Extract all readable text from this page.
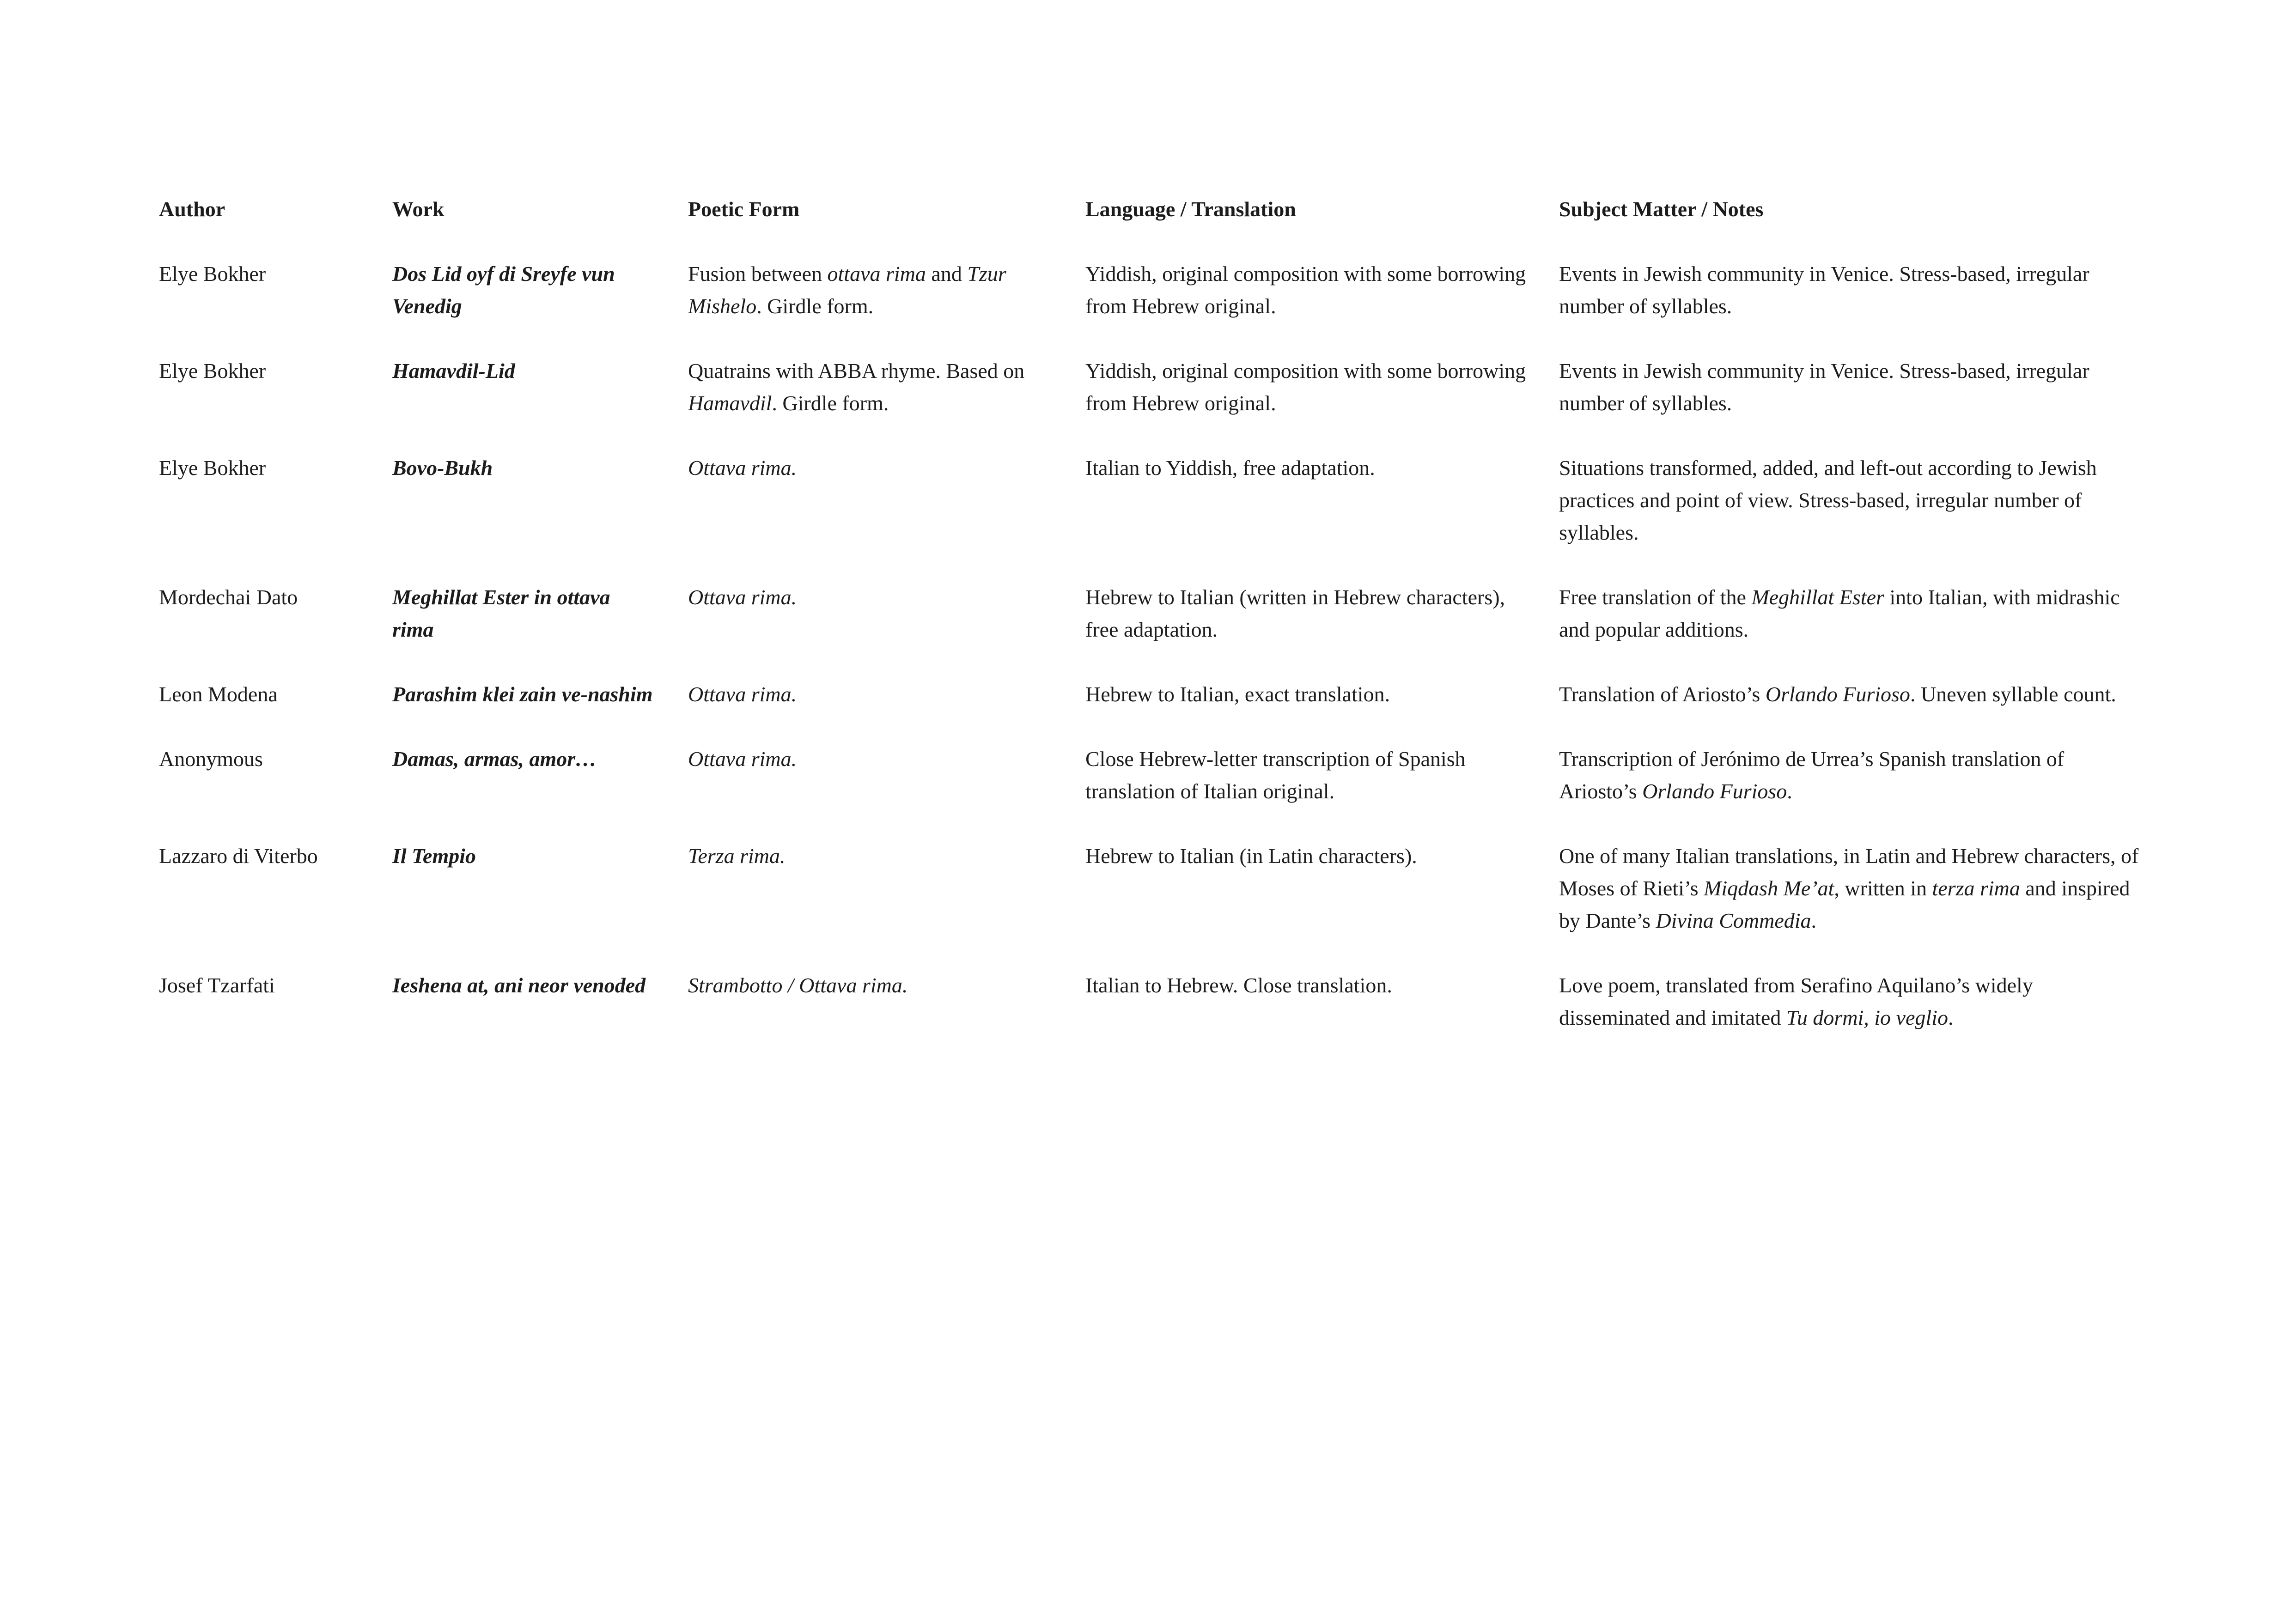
Author	Work	Poetic Form	Language / Translation	Subject Matter / Notes
Elye Bokher	Dos Lid oyf di Sreyfe vun Venedig	Fusion between ottava rima and Tzur Mishelo. Girdle form.	Yiddish, original composition with some borrowing from Hebrew original.	Events in Jewish community in Venice. Stress-based, irregular number of syllables.
Elye Bokher	Hamavdil-Lid	Quatrains with ABBA rhyme. Based on Hamavdil. Girdle form.	Yiddish, original composition with some borrowing from Hebrew original.	Events in Jewish community in Venice. Stress-based, irregular number of syllables.
Elye Bokher	Bovo-Bukh	Ottava rima.	Italian to Yiddish, free adaptation.	Situations transformed, added, and left-out according to Jewish practices and point of view. Stress-based, irregular number of syllables.
Mordechai Dato	Meghillat Ester in ottava rima	Ottava rima.	Hebrew to Italian (written in Hebrew characters), free adaptation.	Free translation of the Meghillat Ester into Italian, with midrashic and popular additions.
Leon Modena	Parashim klei zain ve-nashim	Ottava rima.	Hebrew to Italian, exact translation.	Translation of Ariosto’s Orlando Furioso. Uneven syllable count.
Anonymous	Damas, armas, amor…	Ottava rima.	Close Hebrew-letter transcription of Spanish translation of Italian original.	Transcription of Jerónimo de Urrea’s Spanish translation of Ariosto’s Orlando Furioso.
Lazzaro di Viterbo	Il Tempio	Terza rima.	Hebrew to Italian (in Latin characters).	One of many Italian translations, in Latin and Hebrew characters, of Moses of Rieti’s Miqdash Me’at, written in terza rima and inspired by Dante’s Divina Commedia.
Josef Tzarfati	Ieshena at, ani neor venoded	Strambotto / Ottava rima.	Italian to Hebrew. Close translation.	Love poem, translated from Serafino Aquilano’s widely disseminated and imitated Tu dormi, io veglio.
